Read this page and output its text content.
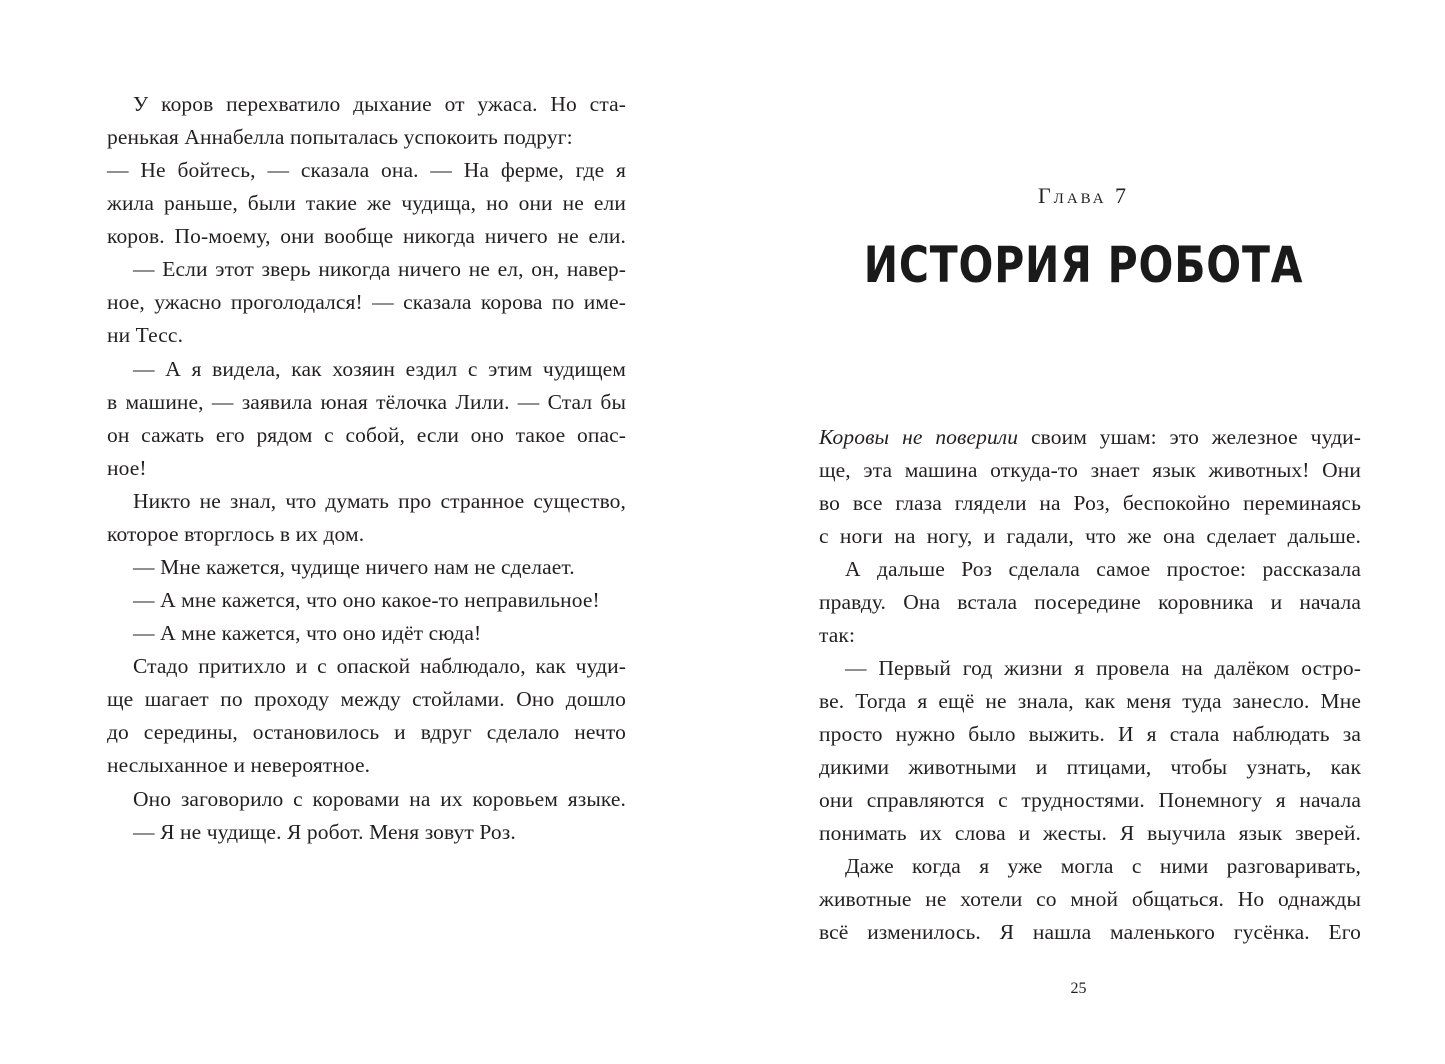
У коров перехватило дыхание от ужаса. Но ста-
ренькая Аннабелла попыталась успокоить подруг:
— Не бойтесь, — сказала она. — На ферме, где я
жила раньше, были такие же чудища, но они не ели
коров. По-моему, они вообще никогда ничего не ели.
— Если этот зверь никогда ничего не ел, он, навер-
ное, ужасно проголодался! — сказала корова по име-
ни Тесс.
— А я видела, как хозяин ездил с этим чудищем
в машине, — заявила юная тёлочка Лили. — Стал бы
он сажать его рядом с собой, если оно такое опас-
ное!
Никто не знал, что думать про странное существо,
которое вторглось в их дом.
— Мне кажется, чудище ничего нам не сделает.
— А мне кажется, что оно какое-то неправильное!
— А мне кажется, что оно идёт сюда!
Стадо притихло и с опаской наблюдало, как чуди-
ще шагает по проходу между стойлами. Оно дошло
до середины, остановилось и вдруг сделало нечто
неслыханное и невероятное.
Оно заговорило с коровами на их коровьем языке.
— Я не чудище. Я робот. Меня зовут Роз.
Глава 7
ИСТОРИЯ РОБОТА
Коровы не поверили своим ушам: это железное чуди-
ще, эта машина откуда-то знает язык животных! Они
во все глаза глядели на Роз, беспокойно переминаясь
с ноги на ногу, и гадали, что же она сделает дальше.
А дальше Роз сделала самое простое: рассказала
правду. Она встала посередине коровника и начала
так:
— Первый год жизни я провела на далёком остро-
ве. Тогда я ещё не знала, как меня туда занесло. Мне
просто нужно было выжить. И я стала наблюдать за
дикими животными и птицами, чтобы узнать, как
они справляются с трудностями. Понемногу я начала
понимать их слова и жесты. Я выучила язык зверей.
Даже когда я уже могла с ними разговаривать,
животные не хотели со мной общаться. Но однажды
всё изменилось. Я нашла маленького гусёнка. Его
25
